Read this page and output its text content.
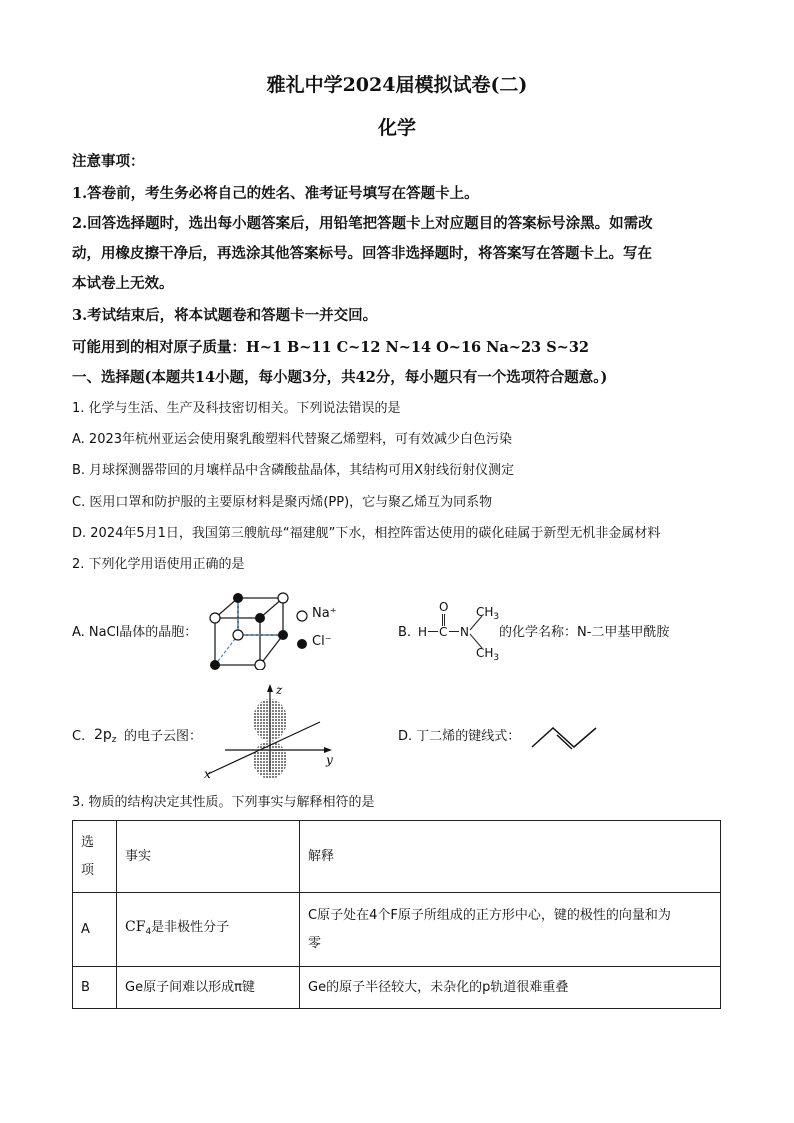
雅礼中学2024届模拟试卷(二)
化学
注意事项：
1.答卷前，考生务必将自己的姓名、准考证号填写在答题卡上。
2.回答选择题时，选出每小题答案后，用铅笔把答题卡上对应题目的答案标号涂黑。如需改
动，用橡皮擦干净后，再选涂其他答案标号。回答非选择题时，将答案写在答题卡上。写在
本试卷上无效。
3.考试结束后，将本试题卷和答题卡一并交回。
可能用到的相对原子质量：H~1 B~11 C~12 N~14 O~16 Na~23 S~32
一、选择题(本题共14小题，每小题3分，共42分，每小题只有一个选项符合题意。)
1. 化学与生活、生产及科技密切相关。下列说法错误的是
A. 2023年杭州亚运会使用聚乳酸塑料代替聚乙烯塑料，可有效减少白色污染
B. 月球探测器带回的月壤样品中含磷酸盐晶体，其结构可用X射线衍射仪测定
C. 医用口罩和防护服的主要原材料是聚丙烯(PP)，它与聚乙烯互为同系物
D. 2024年5月1日，我国第三艘航母“福建舰”下水，相控阵雷达使用的碳化硅属于新型无机非金属材料
2. 下列化学用语使用正确的是
A. NaCl晶体的晶胞：
Na⁺
Cl⁻
B. H C
O
N
$CH_3$
$CH_3$
的化学名称：N-二甲基甲酰胺
C. $2p_z$ 的电子云图：
z
y
x
D. 丁二烯的键线式：
3. 物质的结构决定其性质。下列事实与解释相符的是
选
项	事实	解释
A	$CF_4$是非极性分子	C原子处在4个F原子所组成的正方形中心，键的极性的向量和为
零

B	Ge原子间难以形成π键	Ge的原子半径较大，未杂化的p轨道很难重叠
